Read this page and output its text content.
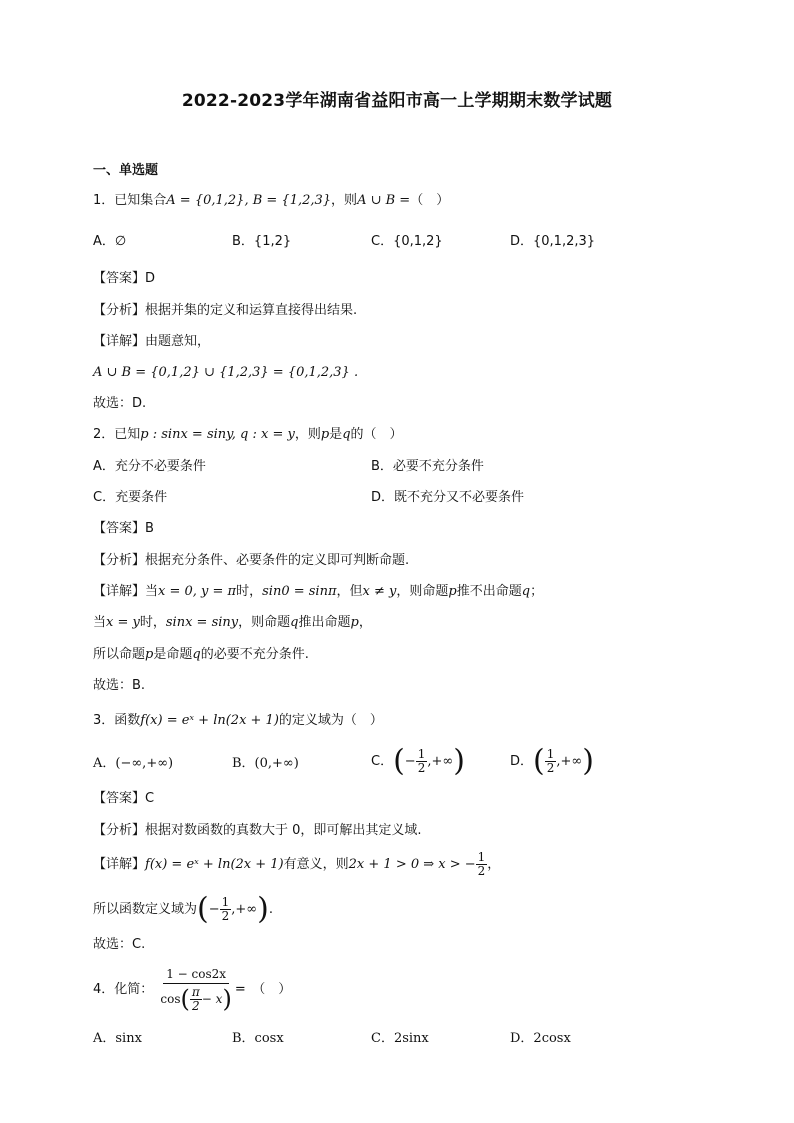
2022-2023学年湖南省益阳市高一上学期期末数学试题
一、单选题
1．已知集合A = {0,1,2}, B = {1,2,3}，则A ∪ B =（　）
A．∅	B．{1,2}	C．{0,1,2}	D．{0,1,2,3}
【答案】D
【分析】根据并集的定义和运算直接得出结果.
【详解】由题意知，
A ∪ B = {0,1,2} ∪ {1,2,3} = {0,1,2,3} .
故选：D.
2．已知p : sinx = siny, q : x = y，则p是q的（　）
A．充分不必要条件	B．必要不充分条件
C．充要条件	D．既不充分又不必要条件
【答案】B
【分析】根据充分条件、必要条件的定义即可判断命题.
【详解】当x = 0, y = π时，sin0 = sinπ，但x ≠ y，则命题p推不出命题q；
当x = y时，sinx = siny，则命题q推出命题p，
所以命题p是命题q的必要不充分条件.
故选：B.
3．函数f(x) = eˣ + ln(2x + 1)的定义域为（　）
A．(−∞,+∞)	B．(0,+∞)	C．(− $\frac{1}{2}$ ,+∞)	D．( $\frac{1}{2}$ ,+∞)
【答案】C
【分析】根据对数函数的真数大于 0，即可解出其定义域.
【详解】f(x) = eˣ + ln(2x + 1)有意义，则2x + 1 > 0 ⇒ x > − $\frac{1}{2}$ ，
所以函数定义域为(− $\frac{1}{2}$ ,+∞).
故选：C.
4．化简： $\frac{1 - \cos 2x}{\cos ( \frac{\pi}{2} - x )}$ =　（　）
A．sinx	B．cosx	C．2sinx	D．2cosx
